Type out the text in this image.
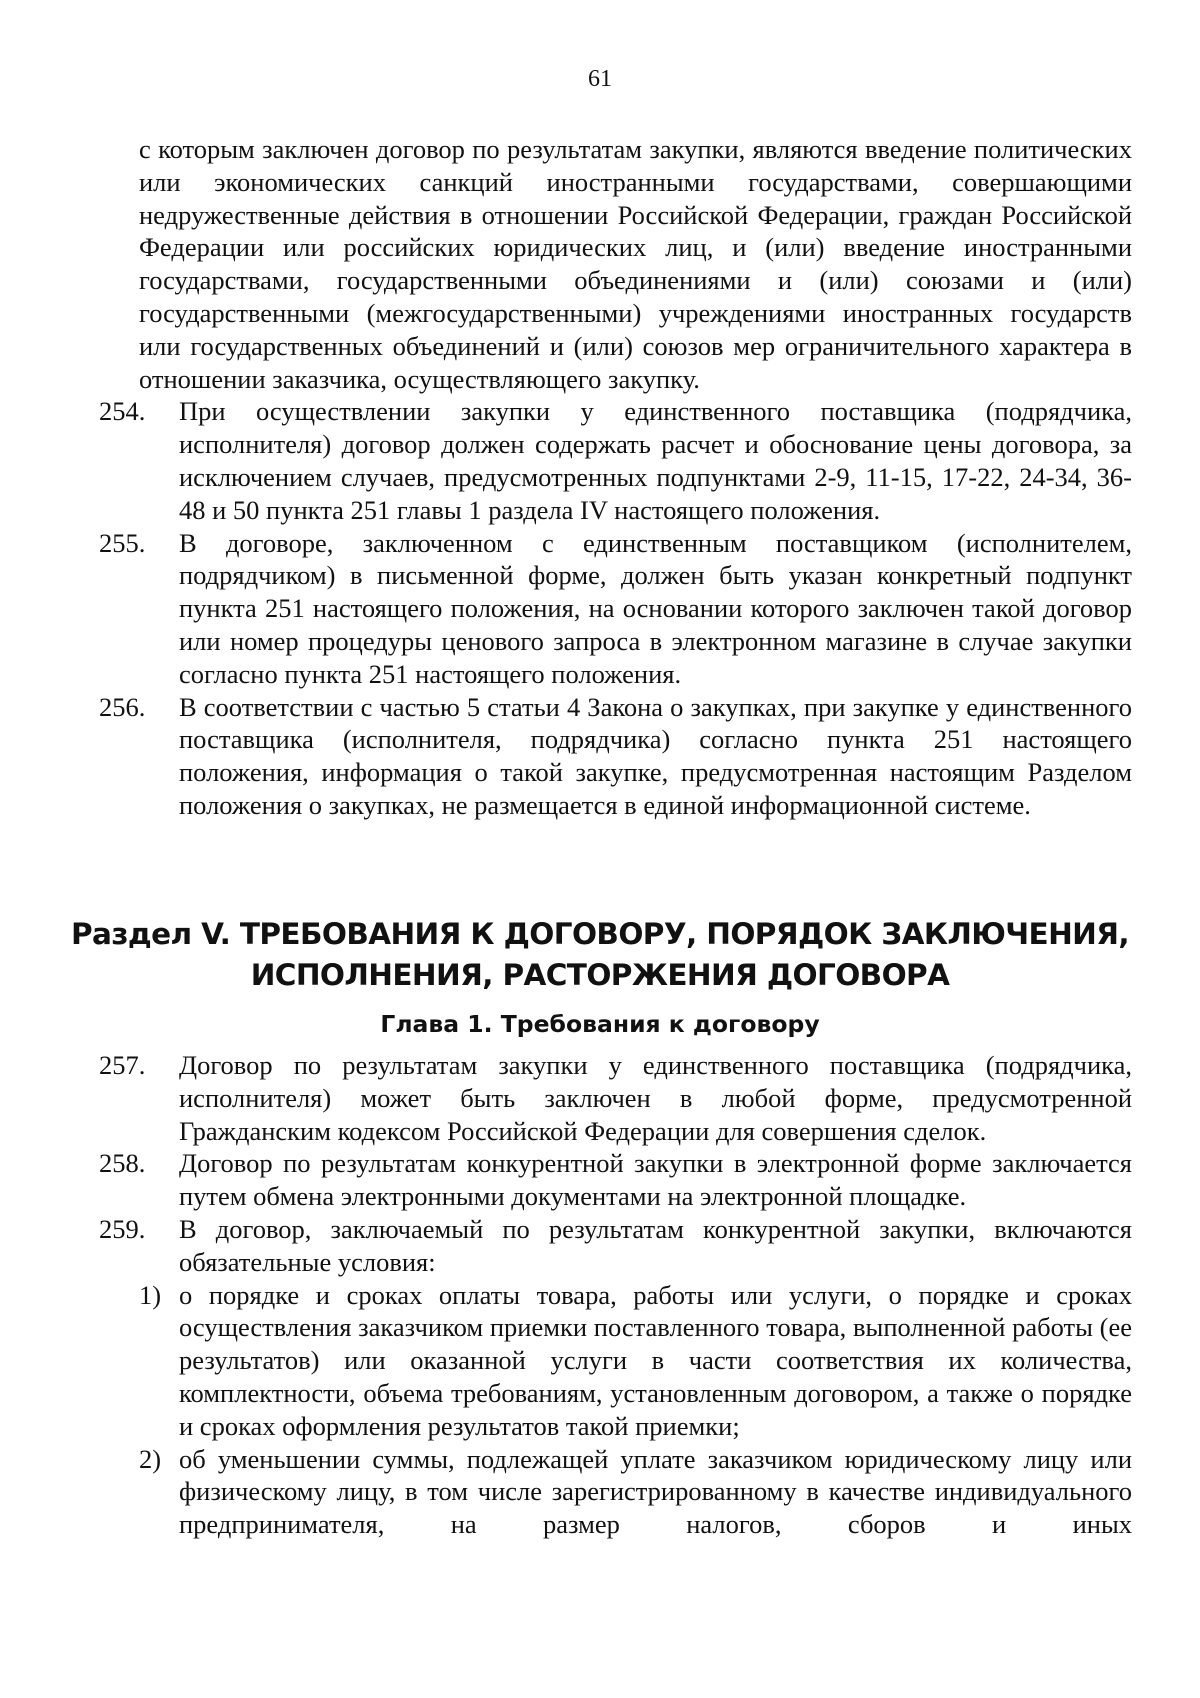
61

с которым заключен договор по результатам закупки, являются введение политических или экономических санкций иностранными государствами, совершающими недружественные действия в отношении Российской Федерации, граждан Российской Федерации или российских юридических лиц, и (или) введение иностранными государствами, государственными объединениями и (или) союзами и (или) государственными (межгосударственными) учреждениями иностранных государств или государственных объединений и (или) союзов мер ограничительного характера в отношении заказчика, осуществляющего закупку.

254.	При осуществлении закупки у единственного поставщика (подрядчика, исполнителя) договор должен содержать расчет и обоснование цены договора, за исключением случаев, предусмотренных подпунктами 2-9, 11-15, 17-22, 24-34, 36-48 и 50 пункта 251 главы 1 раздела IV настоящего положения.

255.	В договоре, заключенном с единственным поставщиком (исполнителем, подрядчиком) в письменной форме, должен быть указан конкретный подпункт пункта 251 настоящего положения, на основании которого заключен такой договор или номер процедуры ценового запроса в электронном магазине в случае закупки согласно пункта 251 настоящего положения.

256.	В соответствии с частью 5 статьи 4 Закона о закупках, при закупке у единственного поставщика (исполнителя, подрядчика) согласно пункта 251 настоящего положения, информация о такой закупке, предусмотренная настоящим Разделом положения о закупках, не размещается в единой информационной системе.

Раздел V. ТРЕБОВАНИЯ К ДОГОВОРУ, ПОРЯДОК ЗАКЛЮЧЕНИЯ,
ИСПОЛНЕНИЯ, РАСТОРЖЕНИЯ ДОГОВОРА
Глава 1. Требования к договору
257.	Договор по результатам закупки у единственного поставщика (подрядчика, исполнителя) может быть заключен в любой форме, предусмотренной Гражданским кодексом Российской Федерации для совершения сделок.

258.	Договор по результатам конкурентной закупки в электронной форме заключается путем обмена электронными документами на электронной площадке.

259.	В договор, заключаемый по результатам конкурентной закупки, включаются обязательные условия:

1) о порядке и сроках оплаты товара, работы или услуги, о порядке и сроках осуществления заказчиком приемки поставленного товара, выполненной работы (ее результатов) или оказанной услуги в части соответствия их количества, комплектности, объема требованиям, установленным договором, а также о порядке и сроках оформления результатов такой приемки;
2) об уменьшении суммы, подлежащей уплате заказчиком юридическому лицу или физическому лицу, в том числе зарегистрированному в качестве индивидуального предпринимателя, на размер налогов, сборов и иных
